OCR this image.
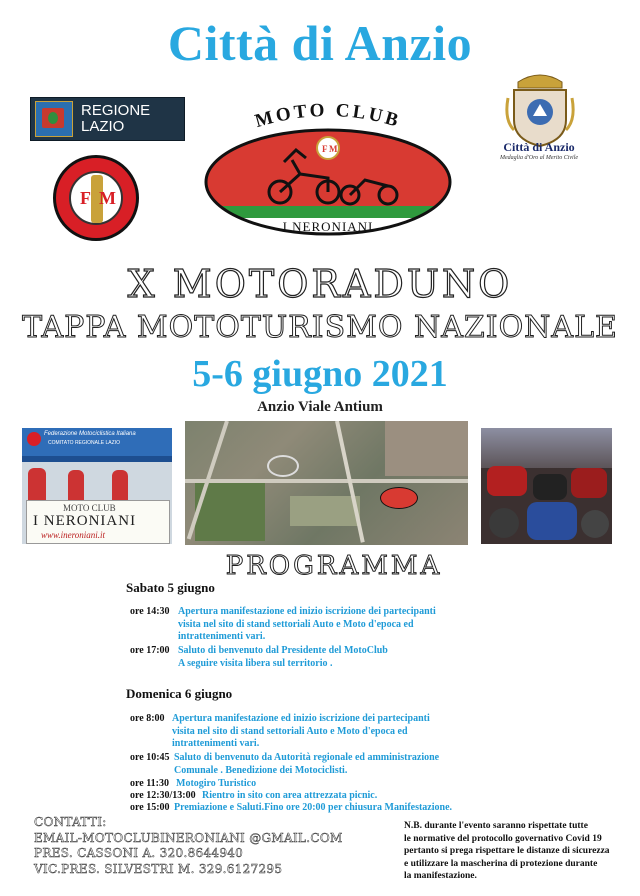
Città di Anzio
REGIONE
LAZIO
F M
MOTO CLUB
F M
I NERONIANI
Città di Anzio
Medaglia d'Oro al Merito Civile
X MOTORADUNO
TAPPA MOTOTURISMO NAZIONALE
5-6 giugno 2021
Anzio Viale Antium
Federazione Motociclistica Italiana
COMITATO REGIONALE LAZIO
MOTO CLUB
I NERONIANI
www.ineroniani.it
PROGRAMMA
Sabato 5 giugno
ore 14:30 Apertura manifestazione ed inizio iscrizione dei partecipanti
visita nel sito di stand settoriali Auto e Moto d'epoca ed
intrattenimenti vari.
ore 17:00 Saluto di benvenuto dal Presidente del MotoClub
A seguire visita libera sul territorio .
Domenica 6 giugno
ore 8:00 Apertura manifestazione ed inizio iscrizione dei partecipanti
visita nel sito di stand settoriali Auto e Moto d'epoca ed
intrattenimenti vari.
ore 10:45 Saluto di benvenuto da Autorità regionale ed amministrazione
Comunale . Benedizione dei Motociclisti.
ore 11:30 Motogiro Turistico
ore 12:30/13:00 Rientro in sito con area attrezzata picnic.
ore 15:00 Premiazione e Saluti.Fino ore 20:00 per chiusura Manifestazione.
CONTATTI:
EMAIL-MOTOCLUBINERONIANI @GMAIL.COM
PRES. CASSONI A. 320.8644940
VIC.PRES. SILVESTRI M. 329.6127295
N.B. durante l'evento saranno rispettate tutte
le normative del protocollo governativo Covid 19
pertanto si prega rispettare le distanze di sicurezza
e utilizzare la mascherina di protezione durante
la manifestazione.
